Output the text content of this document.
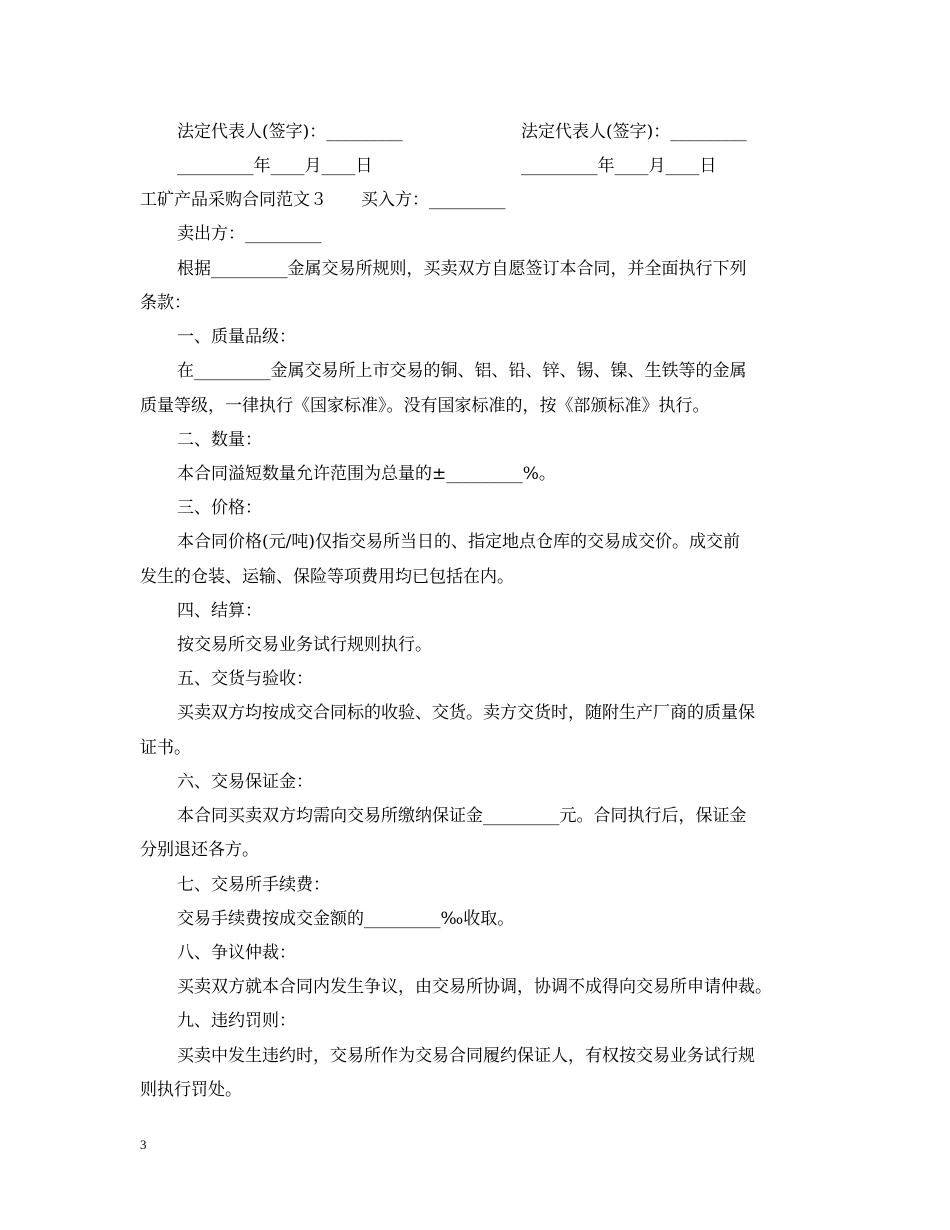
法定代表人(签字)：_________	法定代表人(签字)：_________
_________年____月____日	_________年____月____日
工矿产品采购合同范文３　　买入方：_________
卖出方：_________
根据_________金属交易所规则，买卖双方自愿签订本合同，并全面执行下列
条款：
一、质量品级：
在_________金属交易所上市交易的铜、铝、铅、锌、锡、镍、生铁等的金属
质量等级，一律执行《国家标准》。没有国家标准的，按《部颁标准》执行。
二、数量：
本合同溢短数量允许范围为总量的±_________%。
三、价格：
本合同价格(元/吨)仅指交易所当日的、指定地点仓库的交易成交价。成交前
发生的仓装、运输、保险等项费用均已包括在内。
四、结算：
按交易所交易业务试行规则执行。
五、交货与验收：
买卖双方均按成交合同标的收验、交货。卖方交货时，随附生产厂商的质量保
证书。
六、交易保证金：
本合同买卖双方均需向交易所缴纳保证金_________元。合同执行后，保证金
分别退还各方。
七、交易所手续费：
交易手续费按成交金额的_________‰收取。
八、争议仲裁：
买卖双方就本合同内发生争议，由交易所协调，协调不成得向交易所申请仲裁。
九、违约罚则：
买卖中发生违约时，交易所作为交易合同履约保证人，有权按交易业务试行规
则执行罚处。
3
